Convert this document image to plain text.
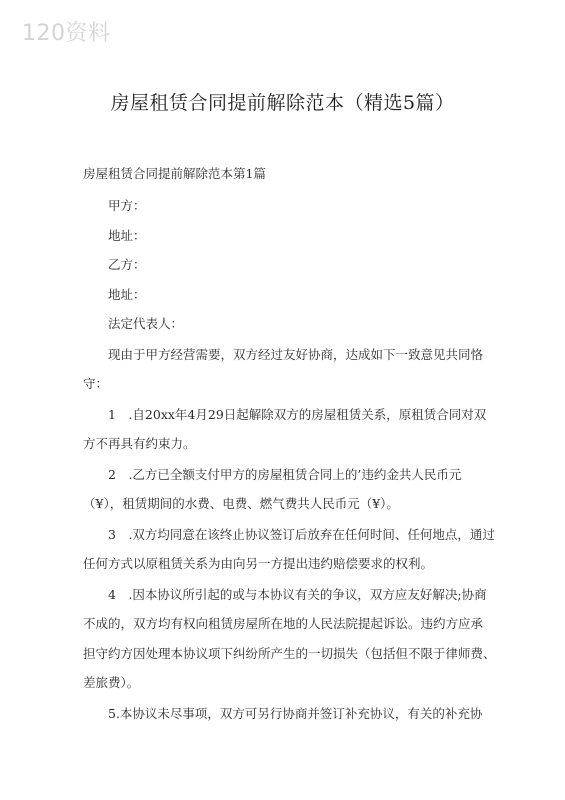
120资料
房屋租赁合同提前解除范本（精选5篇）
房屋租赁合同提前解除范本第1篇
甲方：
地址：
乙方：
地址：
法定代表人：
现由于甲方经营需要，双方经过友好协商，达成如下一致意见共同恪
守：
1　.自20xx年4月29日起解除双方的房屋租赁关系，原租赁合同对双
方不再具有约束力。
2　.乙方已全额支付甲方的房屋租赁合同上的’违约金共人民币元
（¥），租赁期间的水费、电费、燃气费共人民币元（¥）。
3　.双方均同意在该终止协议签订后放弃在任何时间、任何地点，通过
任何方式以原租赁关系为由向另一方提出违约赔偿要求的权利。
4　.因本协议所引起的或与本协议有关的争议，双方应友好解决;协商
不成的，双方均有权向租赁房屋所在地的人民法院提起诉讼。违约方应承
担守约方因处理本协议项下纠纷所产生的一切损失（包括但不限于律师费、
差旅费）。
5.本协议未尽事项，双方可另行协商并签订补充协议，有关的补充协
